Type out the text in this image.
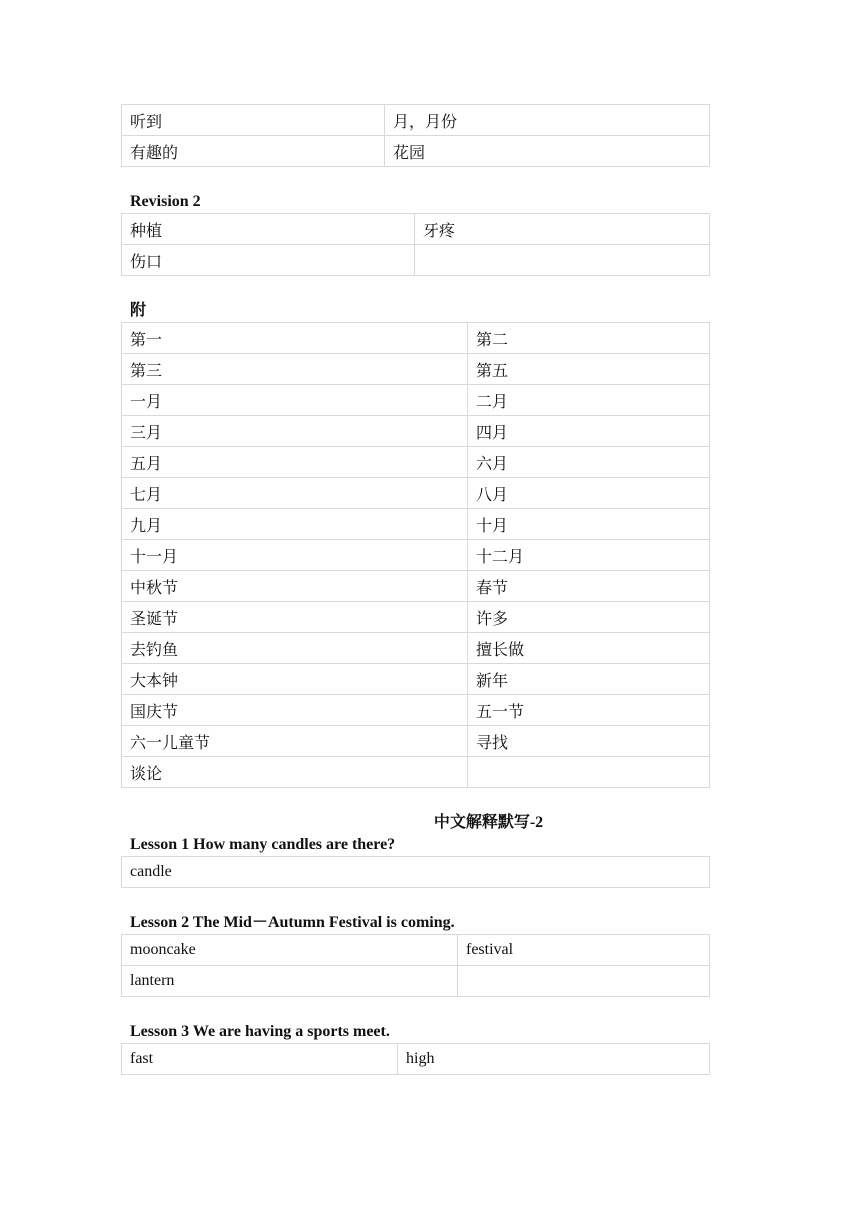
听到	月，月份
有趣的	花园
Revision 2
种植	牙疼
伤口	
附
第一	第二
第三	第五
一月	二月
三月	四月
五月	六月
七月	八月
九月	十月
十一月	十二月
中秋节	春节
圣诞节	许多
去钓鱼	擅长做
大本钟	新年
国庆节	五一节
六一儿童节	寻找
谈论	
中文解释默写-2
Lesson 1 How many candles are there?
candle
Lesson 2 The Mid－Autumn Festival is coming.
mooncake	festival
lantern	
Lesson 3 We are having a sports meet.
fast	high
